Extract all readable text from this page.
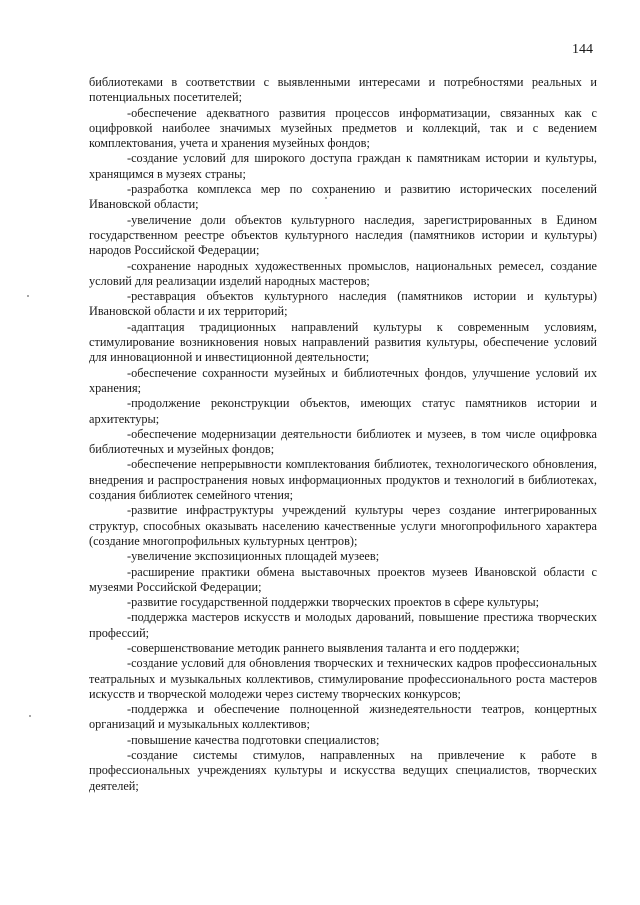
144

библиотеками в соответствии с выявленными интересами и потребностями реальных и потенциальных посетителей;

‑обеспечение адекватного развития процессов информатизации, связанных как с оцифровкой наиболее значимых музейных предметов и коллекций, так и с ведением комплектования, учета и хранения музейных фондов;

‑создание условий для широкого доступа граждан к памятникам истории и культуры, хранящимся в музеях страны;

‑разработка комплекса мер по сохранению и развитию исторических поселений Ивановской области;

‑увеличение доли объектов культурного наследия, зарегистрированных в Едином государственном реестре объектов культурного наследия (памятников истории и культуры) народов Российской Федерации;

‑сохранение народных художественных промыслов, национальных ремесел, создание условий для реализации изделий народных мастеров;

‑реставрация объектов культурного наследия (памятников истории и культуры) Ивановской области и их территорий;

‑адаптация традиционных направлений культуры к современным условиям, стимулирование возникновения новых направлений развития культуры, обеспечение условий для инновационной и инвестиционной деятельности;

‑обеспечение сохранности музейных и библиотечных фондов, улучшение условий их хранения;

‑продолжение реконструкции объектов, имеющих статус памятников истории и архитектуры;

‑обеспечение модернизации деятельности библиотек и музеев, в том числе оцифровка библиотечных и музейных фондов;

‑обеспечение непрерывности комплектования библиотек, технологического обновления, внедрения и распространения новых информационных продуктов и технологий в библиотеках, создания библиотек семейного чтения;

‑развитие инфраструктуры учреждений культуры через создание интегрированных структур, способных оказывать населению качественные услуги многопрофильного характера (создание многопрофильных культурных центров);

‑увеличение экспозиционных площадей музеев;

‑расширение практики обмена выставочных проектов музеев Ивановской области с музеями Российской Федерации;

‑развитие государственной поддержки творческих проектов в сфере культуры;

‑поддержка мастеров искусств и молодых дарований, повышение престижа творческих профессий;

‑совершенствование методик раннего выявления таланта и его поддержки;

‑создание условий для обновления творческих и технических кадров профессиональных театральных и музыкальных коллективов, стимулирование профессионального роста мастеров искусств и творческой молодежи через систему творческих конкурсов;

‑поддержка и обеспечение полноценной жизнедеятельности театров, концертных организаций и музыкальных коллективов;

‑повышение качества подготовки специалистов;

‑создание системы стимулов, направленных на привлечение к работе в профессиональных учреждениях культуры и искусства ведущих специалистов, творческих деятелей;
